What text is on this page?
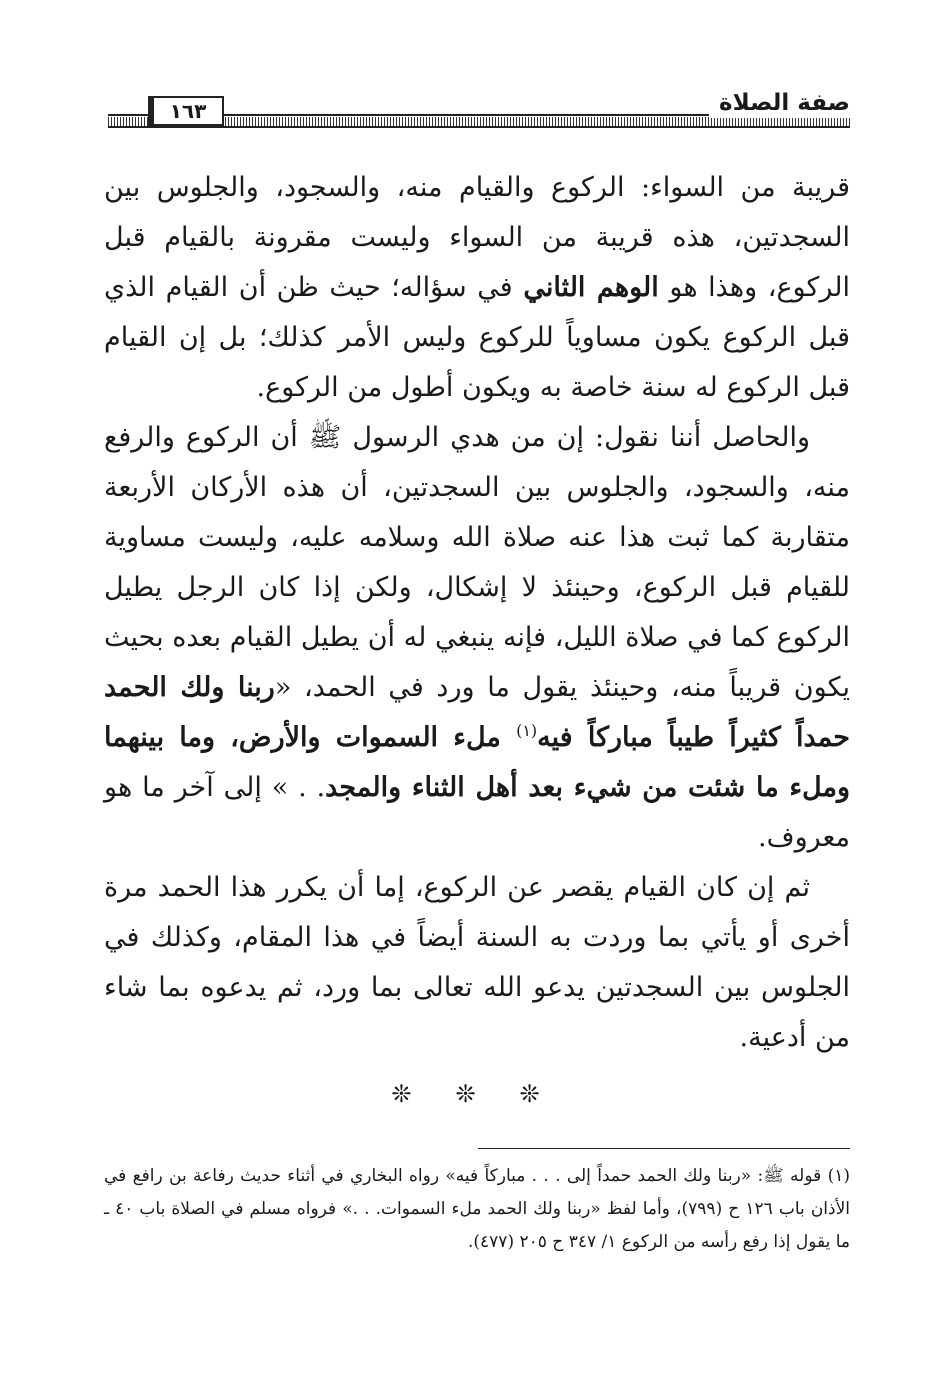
صفة الصلاة
١٦٣

قريبة من السواء: الركوع والقيام منه، والسجود، والجلوس بين السجدتين، هذه قريبة من السواء وليست مقرونة بالقيام قبل الركوع، وهذا هو الوهم الثاني في سؤاله؛ حيث ظن أن القيام الذي قبل الركوع يكون مساوياً للركوع وليس الأمر كذلك؛ بل إن القيام قبل الركوع له سنة خاصة به ويكون أطول من الركوع.

والحاصل أننا نقول: إن من هدي الرسول ﷺ أن الركوع والرفع منه، والسجود، والجلوس بين السجدتين، أن هذه الأركان الأربعة متقاربة كما ثبت هذا عنه صلاة الله وسلامه عليه، وليست مساوية للقيام قبل الركوع، وحينئذ لا إشكال، ولكن إذا كان الرجل يطيل الركوع كما في صلاة الليل، فإنه ينبغي له أن يطيل القيام بعده بحيث يكون قريباً منه، وحينئذ يقول ما ورد في الحمد، «ربنا ولك الحمد حمداً كثيراً طيباً مباركاً فيه$^{(١)}$ ملء السموات والأرض، وما بينهما وملء ما شئت من شيء بعد أهل الثناء والمجد. . » إلى آخر ما هو معروف.

ثم إن كان القيام يقصر عن الركوع، إما أن يكرر هذا الحمد مرة أخرى أو يأتي بما وردت به السنة أيضاً في هذا المقام، وكذلك في الجلوس بين السجدتين يدعو الله تعالى بما ورد، ثم يدعوه بما شاء من أدعية.

❊❊❊

(١) قوله ﷺ: «ربنا ولك الحمد حمداً إلى . . . مباركاً فيه» رواه البخاري في أثناء حديث رفاعة بن رافع في الأذان باب ١٢٦ ح (٧٩٩)، وأما لفظ «ربنا ولك الحمد ملء السموات. . .» فرواه مسلم في الصلاة باب ٤٠ ـ ما يقول إذا رفع رأسه من الركوع ١/ ٣٤٧ ح ٢٠٥ (٤٧٧).
